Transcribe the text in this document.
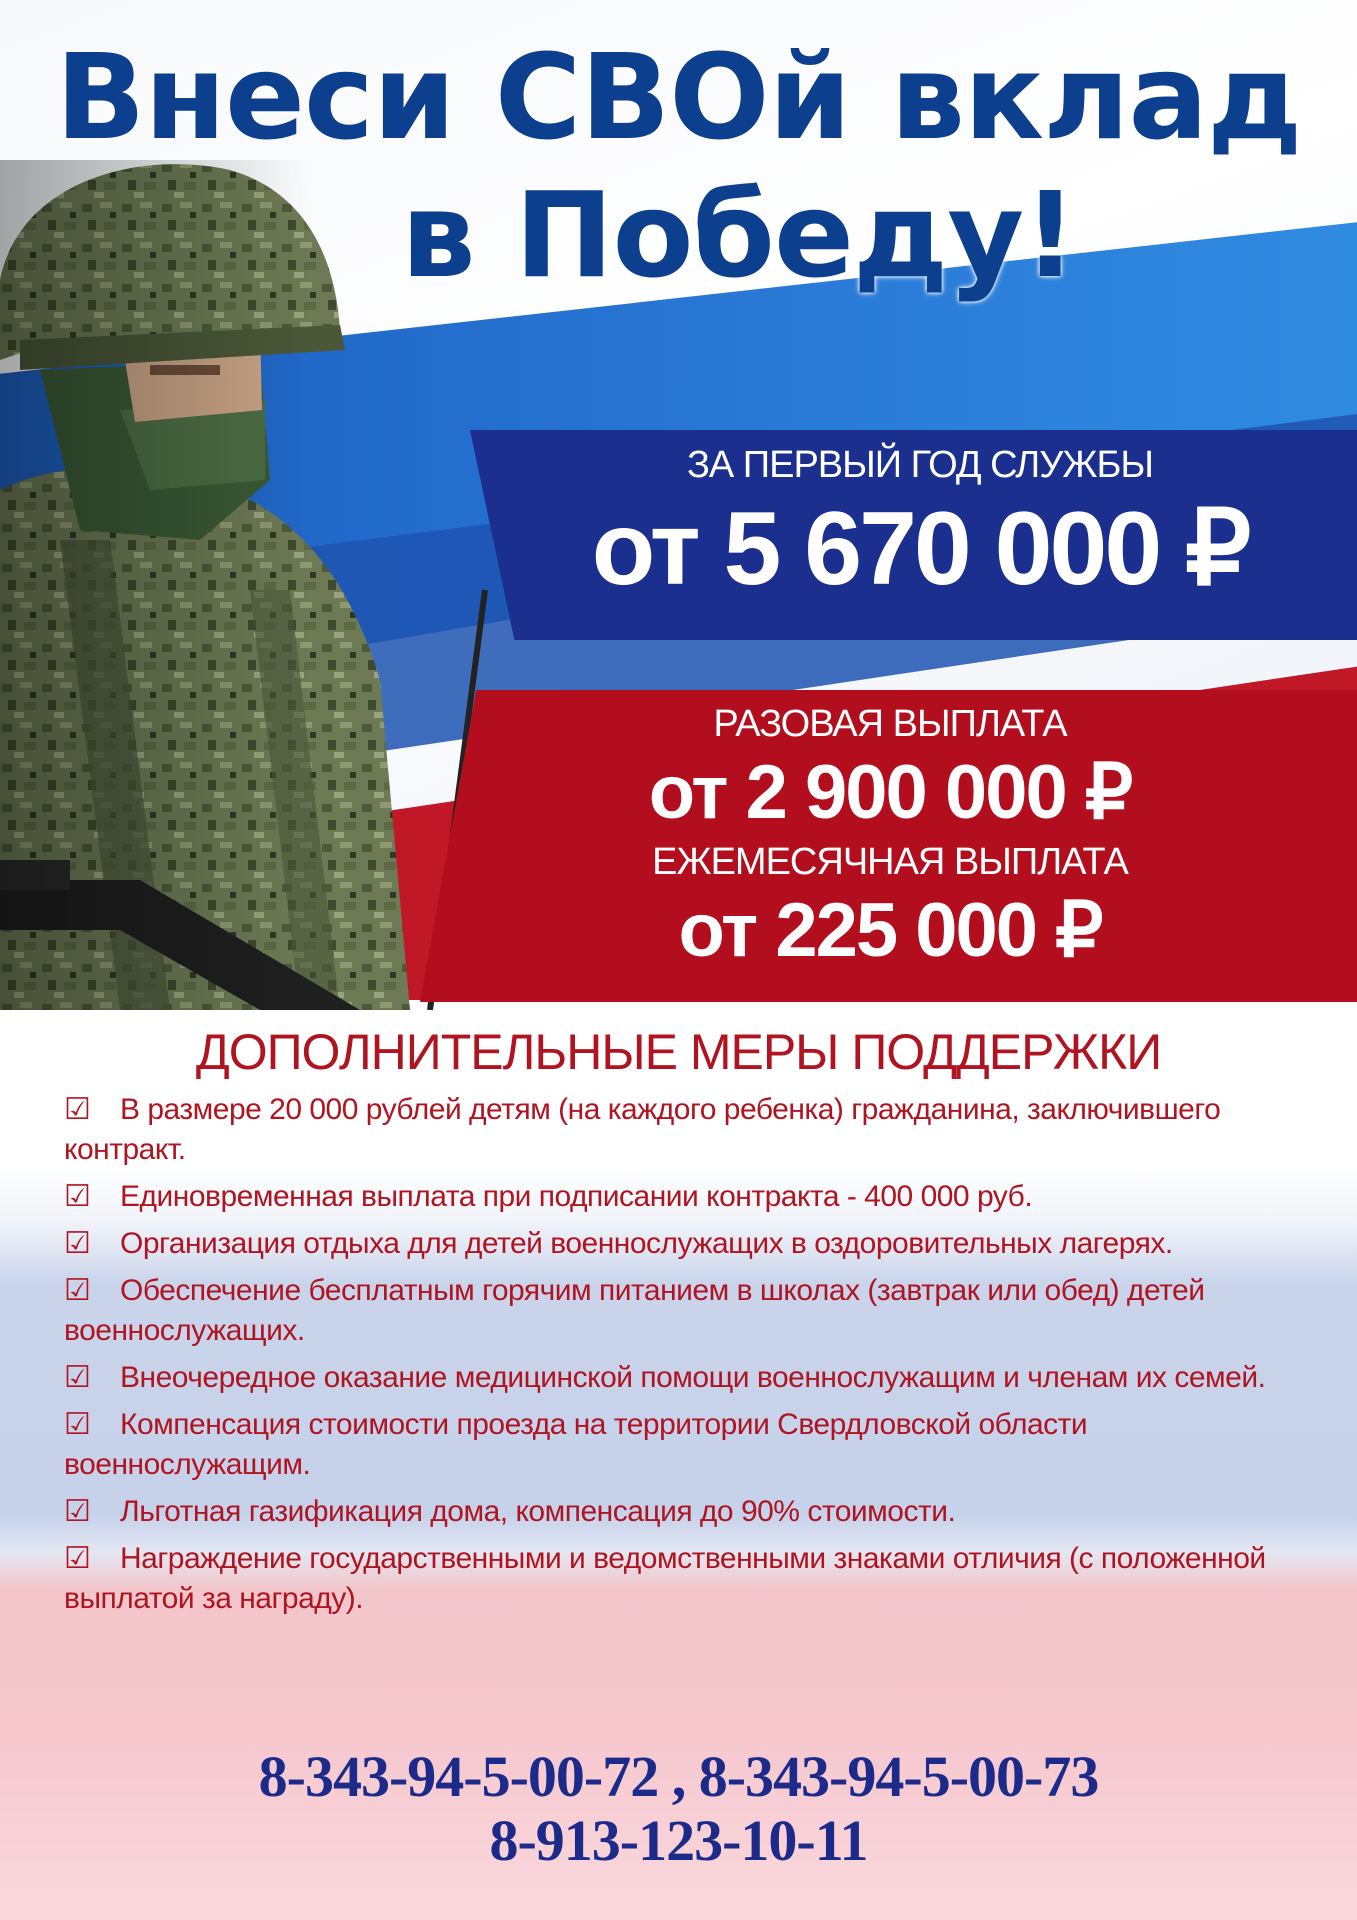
Внеси СВОй вклад
в Победу!
ЗА ПЕРВЫЙ ГОД СЛУЖБЫ
от 5 670 000 ₽
РАЗОВАЯ ВЫПЛАТА
от 2 900 000 ₽
ЕЖЕМЕСЯЧНАЯ ВЫПЛАТА
от 225 000 ₽
ДОПОЛНИТЕЛЬНЫЕ МЕРЫ ПОДДЕРЖКИ
☑ В размере 20 000 рублей детям (на каждого ребенка) гражданина, заключившего контракт.
☑ Единовременная выплата при подписании контракта - 400 000 руб.
☑ Организация отдыха для детей военнослужащих в оздоровительных лагерях.
☑ Обеспечение бесплатным горячим питанием в школах (завтрак или обед) детей военнослужащих.
☑ Внеочередное оказание медицинской помощи военнослужащим и членам их семей.
☑ Компенсация стоимости проезда на территории Свердловской области военнослужащим.
☑ Льготная газификация дома, компенсация до 90% стоимости.
☑ Награждение государственными и ведомственными знаками отличия (с положенной выплатой за награду).
8-343-94-5-00-72 , 8-343-94-5-00-73
8-913-123-10-11
